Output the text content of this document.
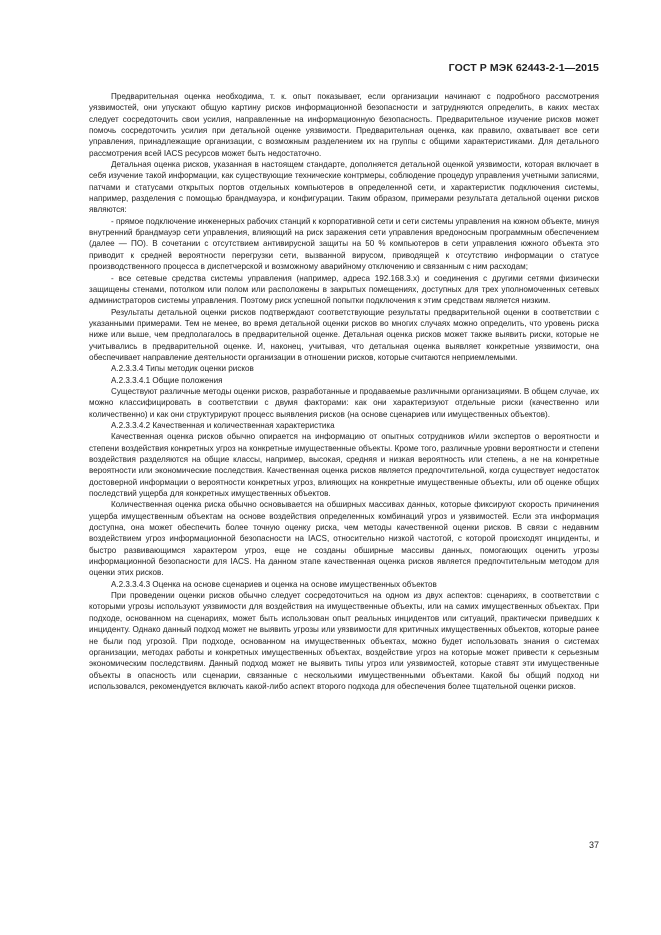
ГОСТ Р МЭК 62443-2-1—2015

Предварительная оценка необходима, т. к. опыт показывает, если организации начинают с подробного рассмотрения уязвимостей, они упускают общую картину рисков информационной безопасности и затрудняются определить, в каких местах следует сосредоточить свои усилия, направленные на информационную безопасность. Предварительное изучение рисков может помочь сосредоточить усилия при детальной оценке уязвимости. Предварительная оценка, как правило, охватывает все сети управления, принадлежащие организации, с возможным разделением их на группы с общими характеристиками. Для детального рассмотрения всей IACS ресурсов может быть недостаточно.

Детальная оценка рисков, указанная в настоящем стандарте, дополняется детальной оценкой уязвимости, которая включает в себя изучение такой информации, как существующие технические контрмеры, соблюдение процедур управления учетными записями, патчами и статусами открытых портов отдельных компьютеров в определенной сети, и характеристик подключения системы, например, разделения с помощью брандмауэра, и конфигурации. Таким образом, примерами результата детальной оценки рисков являются:

- прямое подключение инженерных рабочих станций к корпоративной сети и сети системы управления на южном объекте, минуя внутренний брандмауэр сети управления, влияющий на риск заражения сети управления вредоносным программным обеспечением (далее — ПО). В сочетании с отсутствием антивирусной защиты на 50 % компьютеров в сети управления южного объекта это приводит к средней вероятности перегрузки сети, вызванной вирусом, приводящей к отсутствию информации о статусе производственного процесса в диспетчерской и возможному аварийному отключению и связанным с ним расходам;

- все сетевые средства системы управления (например, адреса 192.168.3.x) и соединения с другими сетями физически защищены стенами, потолком или полом или расположены в закрытых помещениях, доступных для трех уполномоченных сетевых администраторов системы управления. Поэтому риск успешной попытки подключения к этим средствам является низким.

Результаты детальной оценки рисков подтверждают соответствующие результаты предварительной оценки в соответствии с указанными примерами. Тем не менее, во время детальной оценки рисков во многих случаях можно определить, что уровень риска ниже или выше, чем предполагалось в предварительной оценке. Детальная оценка рисков может также выявить риски, которые не учитывались в предварительной оценке. И, наконец, учитывая, что детальная оценка выявляет конкретные уязвимости, она обеспечивает направление деятельности организации в отношении рисков, которые считаются неприемлемыми.

А.2.3.3.4 Типы методик оценки рисков

А.2.3.3.4.1 Общие положения

Существуют различные методы оценки рисков, разработанные и продаваемые различными организациями. В общем случае, их можно классифицировать в соответствии с двумя факторами: как они характеризуют отдельные риски (качественно или количественно) и как они структурируют процесс выявления рисков (на основе сценариев или имущественных объектов).

А.2.3.3.4.2 Качественная и количественная характеристика

Качественная оценка рисков обычно опирается на информацию от опытных сотрудников и/или экспертов о вероятности и степени воздействия конкретных угроз на конкретные имущественные объекты. Кроме того, различные уровни вероятности и степени воздействия разделяются на общие классы, например, высокая, средняя и низкая вероятность или степень, а не на конкретные вероятности или экономические последствия. Качественная оценка рисков является предпочтительной, когда существует недостаток достоверной информации о вероятности конкретных угроз, влияющих на конкретные имущественные объекты, или об оценке общих последствий ущерба для конкретных имущественных объектов.

Количественная оценка риска обычно основывается на обширных массивах данных, которые фиксируют скорость причинения ущерба имущественным объектам на основе воздействия определенных комбинаций угроз и уязвимостей. Если эта информация доступна, она может обеспечить более точную оценку риска, чем методы качественной оценки рисков. В связи с недавним воздействием угроз информационной безопасности на IACS, относительно низкой частотой, с которой происходят инциденты, и быстро развивающимся характером угроз, еще не созданы обширные массивы данных, помогающих оценить угрозы информационной безопасности для IACS. На данном этапе качественная оценка рисков является предпочтительным методом для оценки этих рисков.

А.2.3.3.4.3 Оценка на основе сценариев и оценка на основе имущественных объектов

При проведении оценки рисков обычно следует сосредоточиться на одном из двух аспектов: сценариях, в соответствии с которыми угрозы используют уязвимости для воздействия на имущественные объекты, или на самих имущественных объектах. При подходе, основанном на сценариях, может быть использован опыт реальных инцидентов или ситуаций, практически приведших к инциденту. Однако данный подход может не выявить угрозы или уязвимости для критичных имущественных объектов, которые ранее не были под угрозой. При подходе, основанном на имущественных объектах, можно будет использовать знания о системах организации, методах работы и конкретных имущественных объектах, воздействие угроз на которые может привести к серьезным экономическим последствиям. Данный подход может не выявить типы угроз или уязвимостей, которые ставят эти имущественные объекты в опасность или сценарии, связанные с несколькими имущественными объектами. Какой бы общий подход ни использовался, рекомендуется включать какой-либо аспект второго подхода для обеспечения более тщательной оценки рисков.

37
